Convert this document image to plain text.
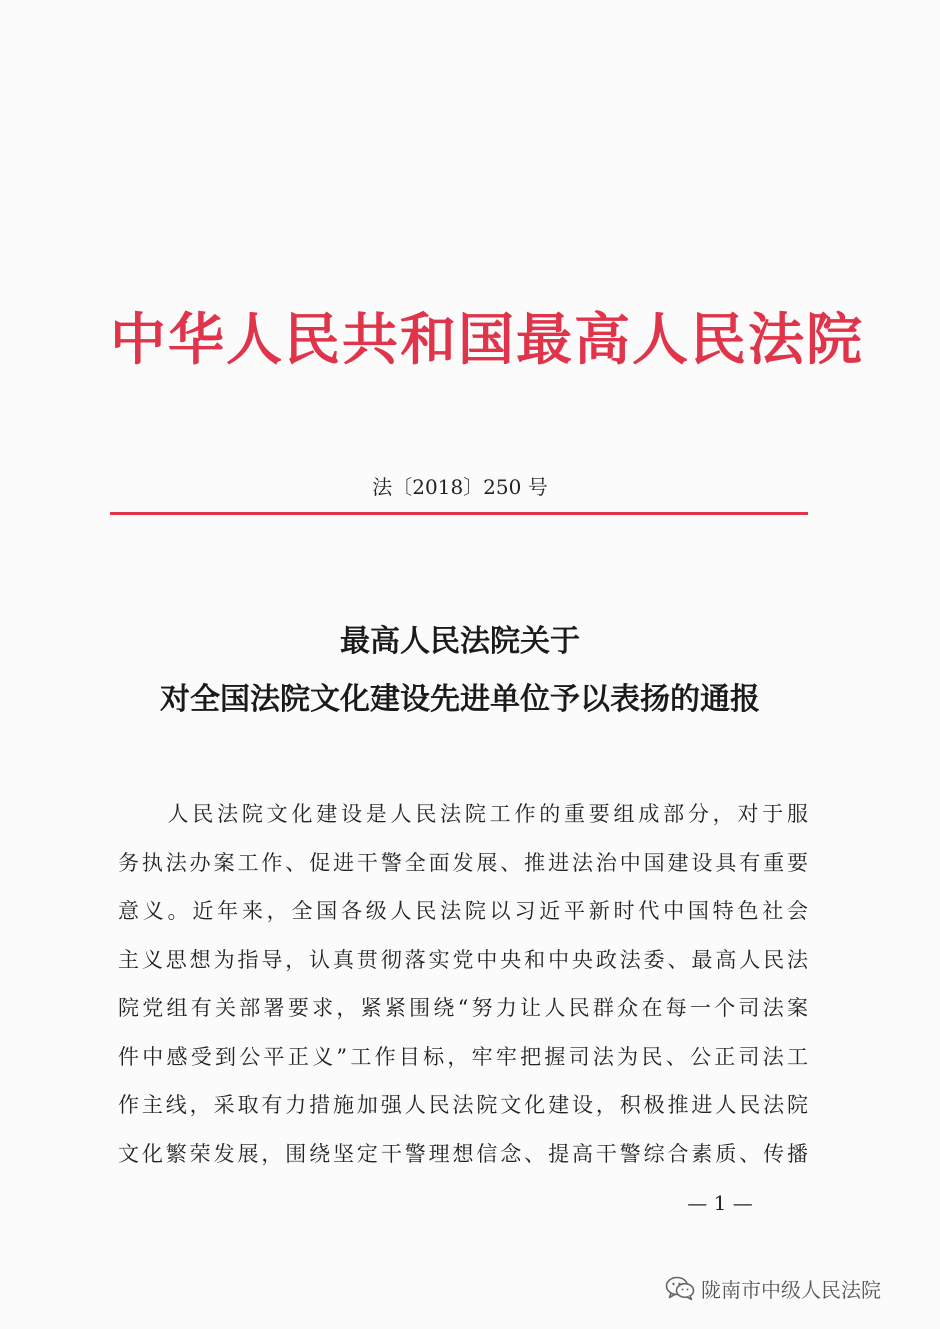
中华人民共和国最高人民法院
法〔2018〕250 号
最高人民法院关于
对全国法院文化建设先进单位予以表扬的通报
　　人民法院文化建设是人民法院工作的重要组成部分，对于服
务执法办案工作、促进干警全面发展、推进法治中国建设具有重要
意义。近年来，全国各级人民法院以习近平新时代中国特色社会
主义思想为指导，认真贯彻落实党中央和中央政法委、最高人民法
院党组有关部署要求，紧紧围绕“努力让人民群众在每一个司法案
件中感受到公平正义”工作目标，牢牢把握司法为民、公正司法工
作主线，采取有力措施加强人民法院文化建设，积极推进人民法院
文化繁荣发展，围绕坚定干警理想信念、提高干警综合素质、传播
— 1 —
陇南市中级人民法院
